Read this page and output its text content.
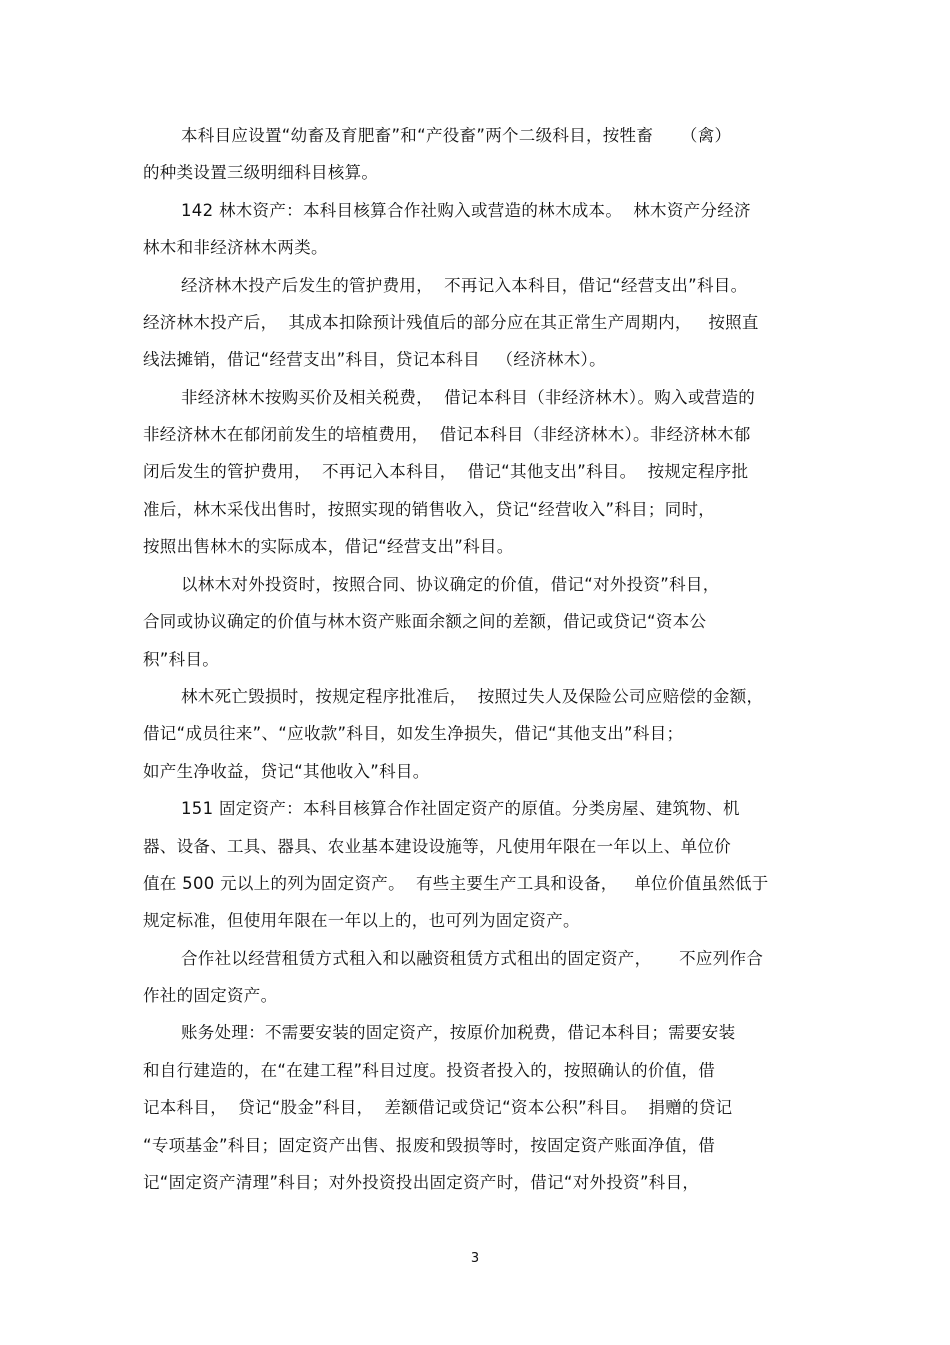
本科目应设置“幼畜及育肥畜”和“产役畜”两个二级科目，按牲畜     （禽）
的种类设置三级明细科目核算。
142 林木资产：本科目核算合作社购入或营造的林木成本。  林木资产分经济
林木和非经济林木两类。
经济林木投产后发生的管护费用，  不再记入本科目，借记“经营支出”科目。
经济林木投产后，  其成本扣除预计残值后的部分应在其正常生产周期内，   按照直
线法摊销，借记“经营支出”科目，贷记本科目   （经济林木）。
非经济林木按购买价及相关税费，  借记本科目（非经济林木）。购入或营造的
非经济林木在郁闭前发生的培植费用，  借记本科目（非经济林木）。非经济林木郁
闭后发生的管护费用，  不再记入本科目，  借记“其他支出”科目。  按规定程序批
准后，林木采伐出售时，按照实现的销售收入，贷记“经营收入”科目；同时，
按照出售林木的实际成本，借记“经营支出”科目。
以林木对外投资时，按照合同、协议确定的价值，借记“对外投资”科目，
合同或协议确定的价值与林木资产账面余额之间的差额，借记或贷记“资本公
积”科目。
林木死亡毁损时，按规定程序批准后，  按照过失人及保险公司应赔偿的金额，
借记“成员往来”、“应收款”科目，如发生净损失，借记“其他支出”科目；
如产生净收益，贷记“其他收入”科目。
151 固定资产：本科目核算合作社固定资产的原值。分类房屋、建筑物、机
器、设备、工具、器具、农业基本建设设施等，凡使用年限在一年以上、单位价
值在 500 元以上的列为固定资产。  有些主要生产工具和设备，   单位价值虽然低于
规定标准，但使用年限在一年以上的，也可列为固定资产。
合作社以经营租赁方式租入和以融资租赁方式租出的固定资产，     不应列作合
作社的固定资产。
账务处理：不需要安装的固定资产，按原价加税费，借记本科目；需要安装
和自行建造的，在“在建工程”科目过度。投资者投入的，按照确认的价值，借
记本科目，  贷记“股金”科目，  差额借记或贷记“资本公积”科目。  捐赠的贷记
“专项基金”科目；固定资产出售、报废和毁损等时，按固定资产账面净值，借
记“固定资产清理”科目；对外投资投出固定资产时，借记“对外投资”科目，
3
